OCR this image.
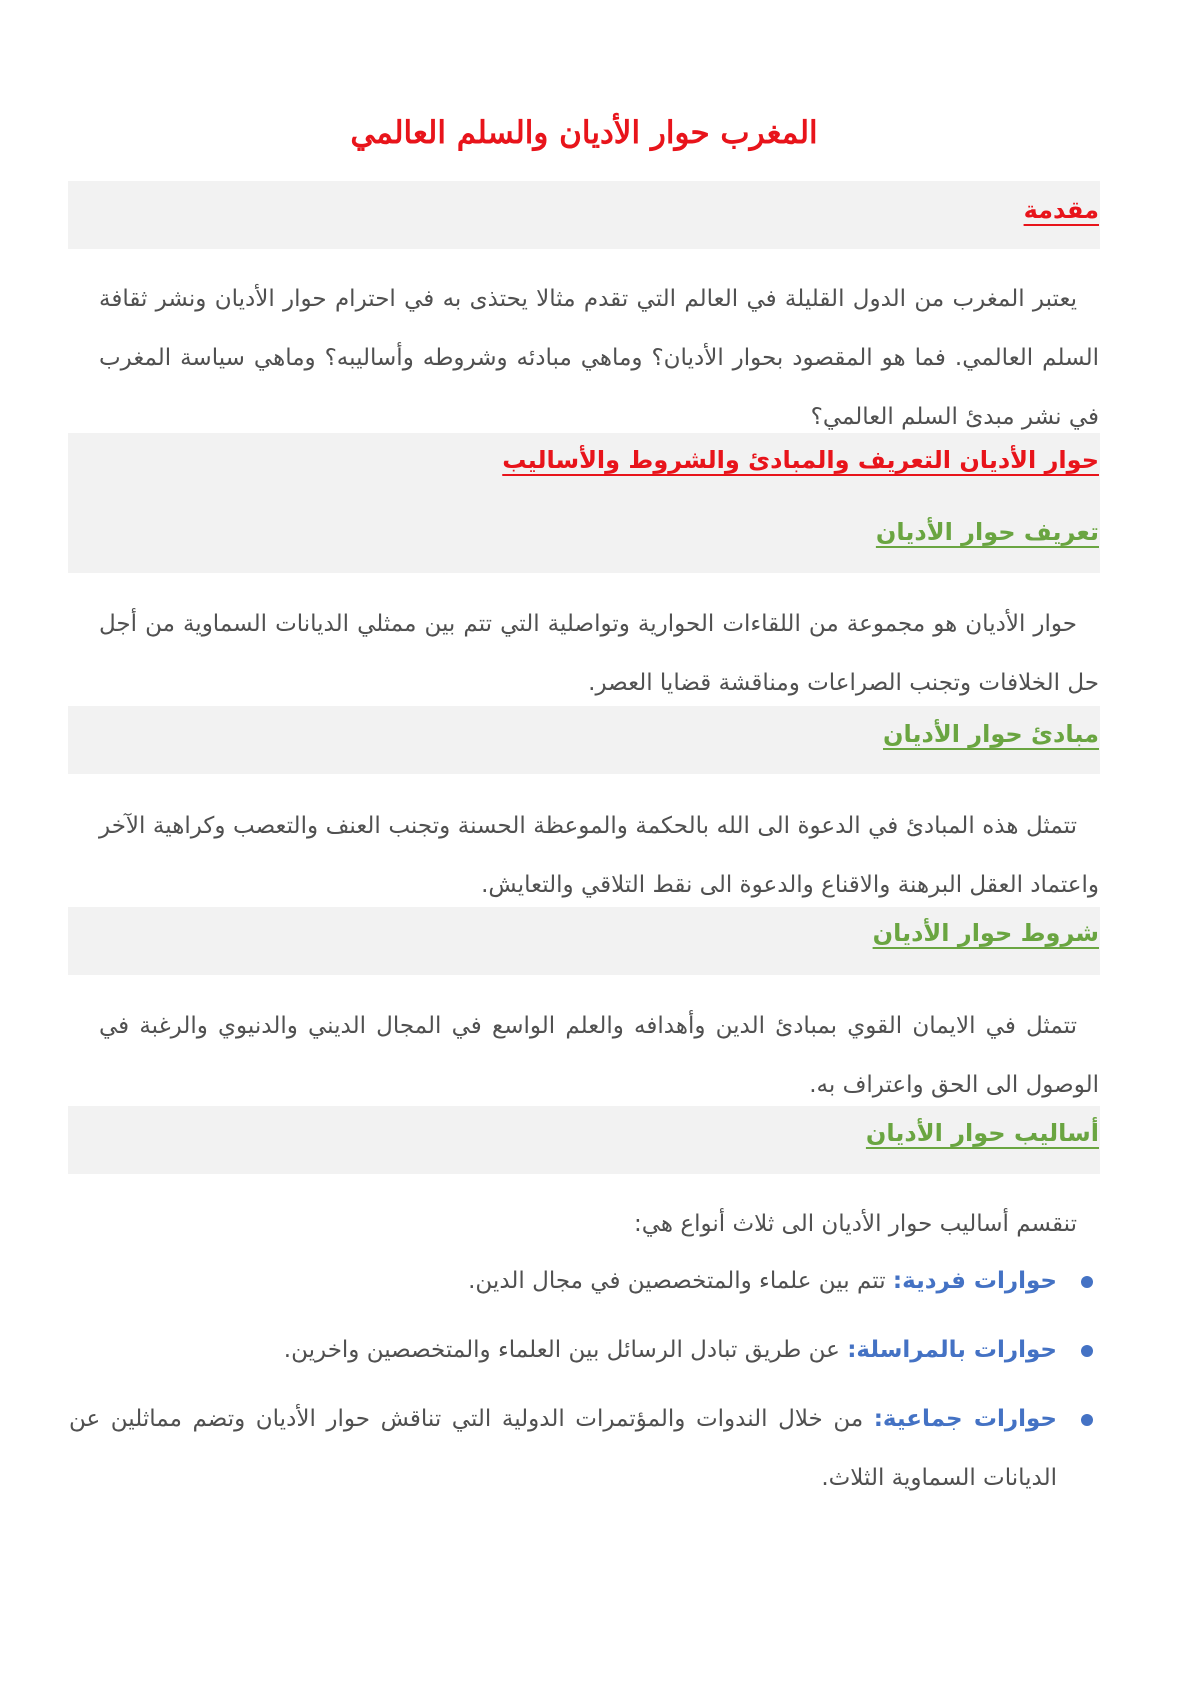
المغرب حوار الأديان والسلم العالمي
مقدمة
يعتبر المغرب من الدول القليلة في العالم التي تقدم مثالا يحتذى به في احترام حوار الأديان ونشر ثقافة السلم العالمي. فما هو المقصود بحوار الأديان؟ وماهي مبادئه وشروطه وأساليبه؟ وماهي سياسة المغرب في نشر مبدئ السلم العالمي؟
حوار الأديان التعريف والمبادئ والشروط والأساليب
تعريف حوار الأديان
حوار الأديان هو مجموعة من اللقاءات الحوارية وتواصلية التي تتم بين ممثلي الديانات السماوية من أجل حل الخلافات وتجنب الصراعات ومناقشة قضايا العصر.
مبادئ حوار الأديان
تتمثل هذه المبادئ في الدعوة الى الله بالحكمة والموعظة الحسنة وتجنب العنف والتعصب وكراهية الآخر واعتماد العقل البرهنة والاقناع والدعوة الى نقط التلاقي والتعايش.
شروط حوار الأديان
تتمثل في الايمان القوي بمبادئ الدين وأهدافه والعلم الواسع في المجال الديني والدنيوي والرغبة في الوصول الى الحق واعتراف به.
أساليب حوار الأديان
تنقسم أساليب حوار الأديان الى ثلاث أنواع هي:
حوارات فردية: تتم بين علماء والمتخصصين في مجال الدين.
حوارات بالمراسلة: عن طريق تبادل الرسائل بين العلماء والمتخصصين واخرين.
حوارات جماعية: من خلال الندوات والمؤتمرات الدولية التي تناقش حوار الأديان وتضم مماثلين عن الديانات السماوية الثلاث.
